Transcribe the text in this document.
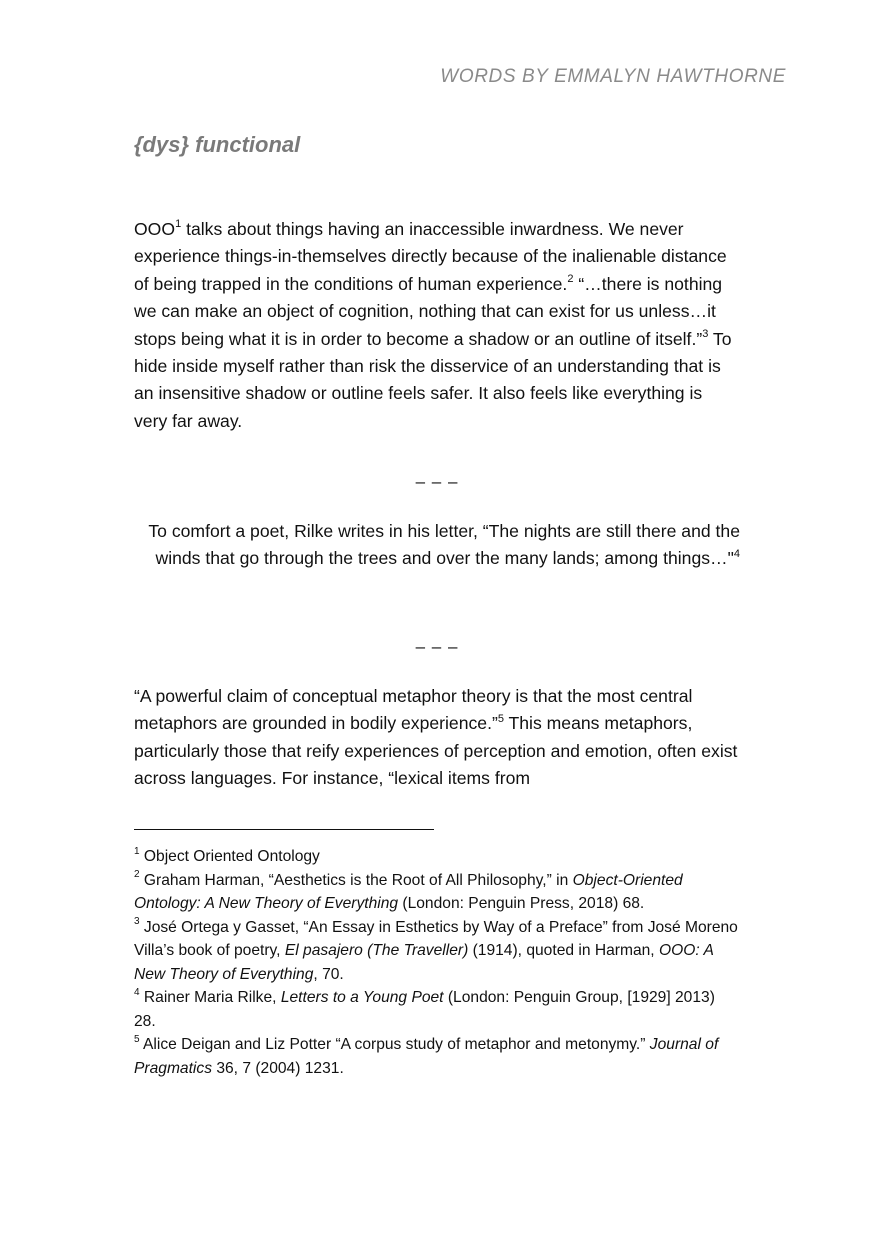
WORDS BY EMMALYN HAWTHORNE
{dys} functional
OOO$^1$ talks about things having an inaccessible inwardness. We never experience things-in-themselves directly because of the inalienable distance of being trapped in the conditions of human experience.$^2$ “…there is nothing we can make an object of cognition, nothing that can exist for us unless…it stops being what it is in order to become a shadow or an outline of itself.”$^3$ To hide inside myself rather than risk the disservice of an understanding that is an insensitive shadow or outline feels safer. It also feels like everything is very far away.
– – –
To comfort a poet, Rilke writes in his letter, “The nights are still there and the winds that go through the trees and over the many lands; among things…"$^4$
– – –
“A powerful claim of conceptual metaphor theory is that the most central metaphors are grounded in bodily experience.”$^5$ This means metaphors, particularly those that reify experiences of perception and emotion, often exist across languages. For instance, “lexical items from

$^1$ Object Oriented Ontology

$^2$ Graham Harman, “Aesthetics is the Root of All Philosophy,” in Object-Oriented Ontology: A New Theory of Everything (London: Penguin Press, 2018) 68.

$^3$ José Ortega y Gasset, “An Essay in Esthetics by Way of a Preface” from José Moreno Villa’s book of poetry, El pasajero (The Traveller) (1914), quoted in Harman, OOO: A New Theory of Everything, 70.

$^4$ Rainer Maria Rilke, Letters to a Young Poet (London: Penguin Group, [1929] 2013) 28.

$^5$ Alice Deigan and Liz Potter “A corpus study of metaphor and metonymy.” Journal of Pragmatics 36, 7 (2004) 1231.
